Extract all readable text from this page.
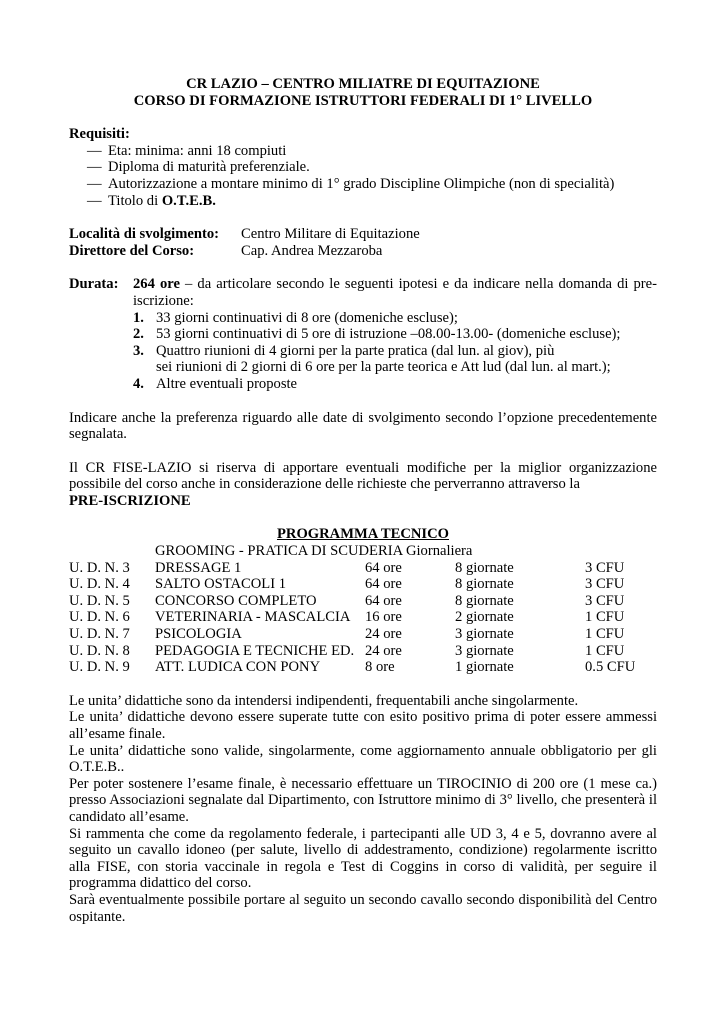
CR LAZIO – CENTRO MILIATRE DI EQUITAZIONE
CORSO DI FORMAZIONE ISTRUTTORI FEDERALI DI 1° LIVELLO
Requisiti:
— Eta: minima: anni 18 compiuti
— Diploma di maturità preferenziale.
— Autorizzazione a montare minimo di 1° grado Discipline Olimpiche (non di specialità)
— Titolo di O.T.E.B.
Località di svolgimento:	Centro Militare di Equitazione
Direttore del Corso:	Cap. Andrea Mezzaroba
Durata: 264 ore – da articolare secondo le seguenti ipotesi e da indicare nella domanda di pre-iscrizione:
1. 33 giorni continuativi di 8 ore (domeniche escluse);
2. 53 giorni continuativi di 5 ore di istruzione –08.00-13.00- (domeniche escluse);
3. Quattro riunioni di 4 giorni per la parte pratica (dal lun. al giov), più
sei riunioni di 2 giorni di 6 ore per la parte teorica e Att lud (dal lun. al mart.);
4. Altre eventuali proposte
Indicare anche la preferenza riguardo alle date di svolgimento secondo l’opzione precedentemente segnalata.
Il CR FISE-LAZIO si riserva di apportare eventuali modifiche per la miglior organizzazione possibile del corso anche in considerazione delle richieste che perverranno attraverso la
PRE-ISCRIZIONE
PROGRAMMA TECNICO
GROOMING - PRATICA DI SCUDERIA Giornaliera
U. D. N. 3	DRESSAGE 1	64 ore	8 giornate	3 CFU
U. D. N. 4	SALTO OSTACOLI 1	64 ore	8 giornate	3 CFU
U. D. N. 5	CONCORSO COMPLETO	64 ore	8 giornate	3 CFU
U. D. N. 6	VETERINARIA - MASCALCIA	16 ore	2 giornate	1 CFU
U. D. N. 7	PSICOLOGIA	24 ore	3 giornate	1 CFU
U. D. N. 8	PEDAGOGIA E TECNICHE ED.	24 ore	3 giornate	1 CFU
U. D. N. 9	ATT. LUDICA CON PONY	8 ore	1 giornate	0.5 CFU

Le unita’ didattiche sono da intendersi indipendenti, frequentabili anche singolarmente.

Le unita’ didattiche devono essere superate tutte con esito positivo prima di poter essere ammessi all’esame finale.

Le unita’ didattiche sono valide, singolarmente, come aggiornamento annuale obbligatorio per gli O.T.E.B..

Per poter sostenere l’esame finale, è necessario effettuare un TIROCINIO di 200 ore (1 mese ca.) presso Associazioni segnalate dal Dipartimento, con Istruttore minimo di 3° livello, che presenterà il candidato all’esame.

Si rammenta che come da regolamento federale, i partecipanti alle UD 3, 4 e 5, dovranno avere al seguito un cavallo idoneo (per salute, livello di addestramento, condizione) regolarmente iscritto alla FISE, con storia vaccinale in regola e Test di Coggins in corso di validità, per seguire il programma didattico del corso.

Sarà eventualmente possibile portare al seguito un secondo cavallo secondo disponibilità del Centro ospitante.
